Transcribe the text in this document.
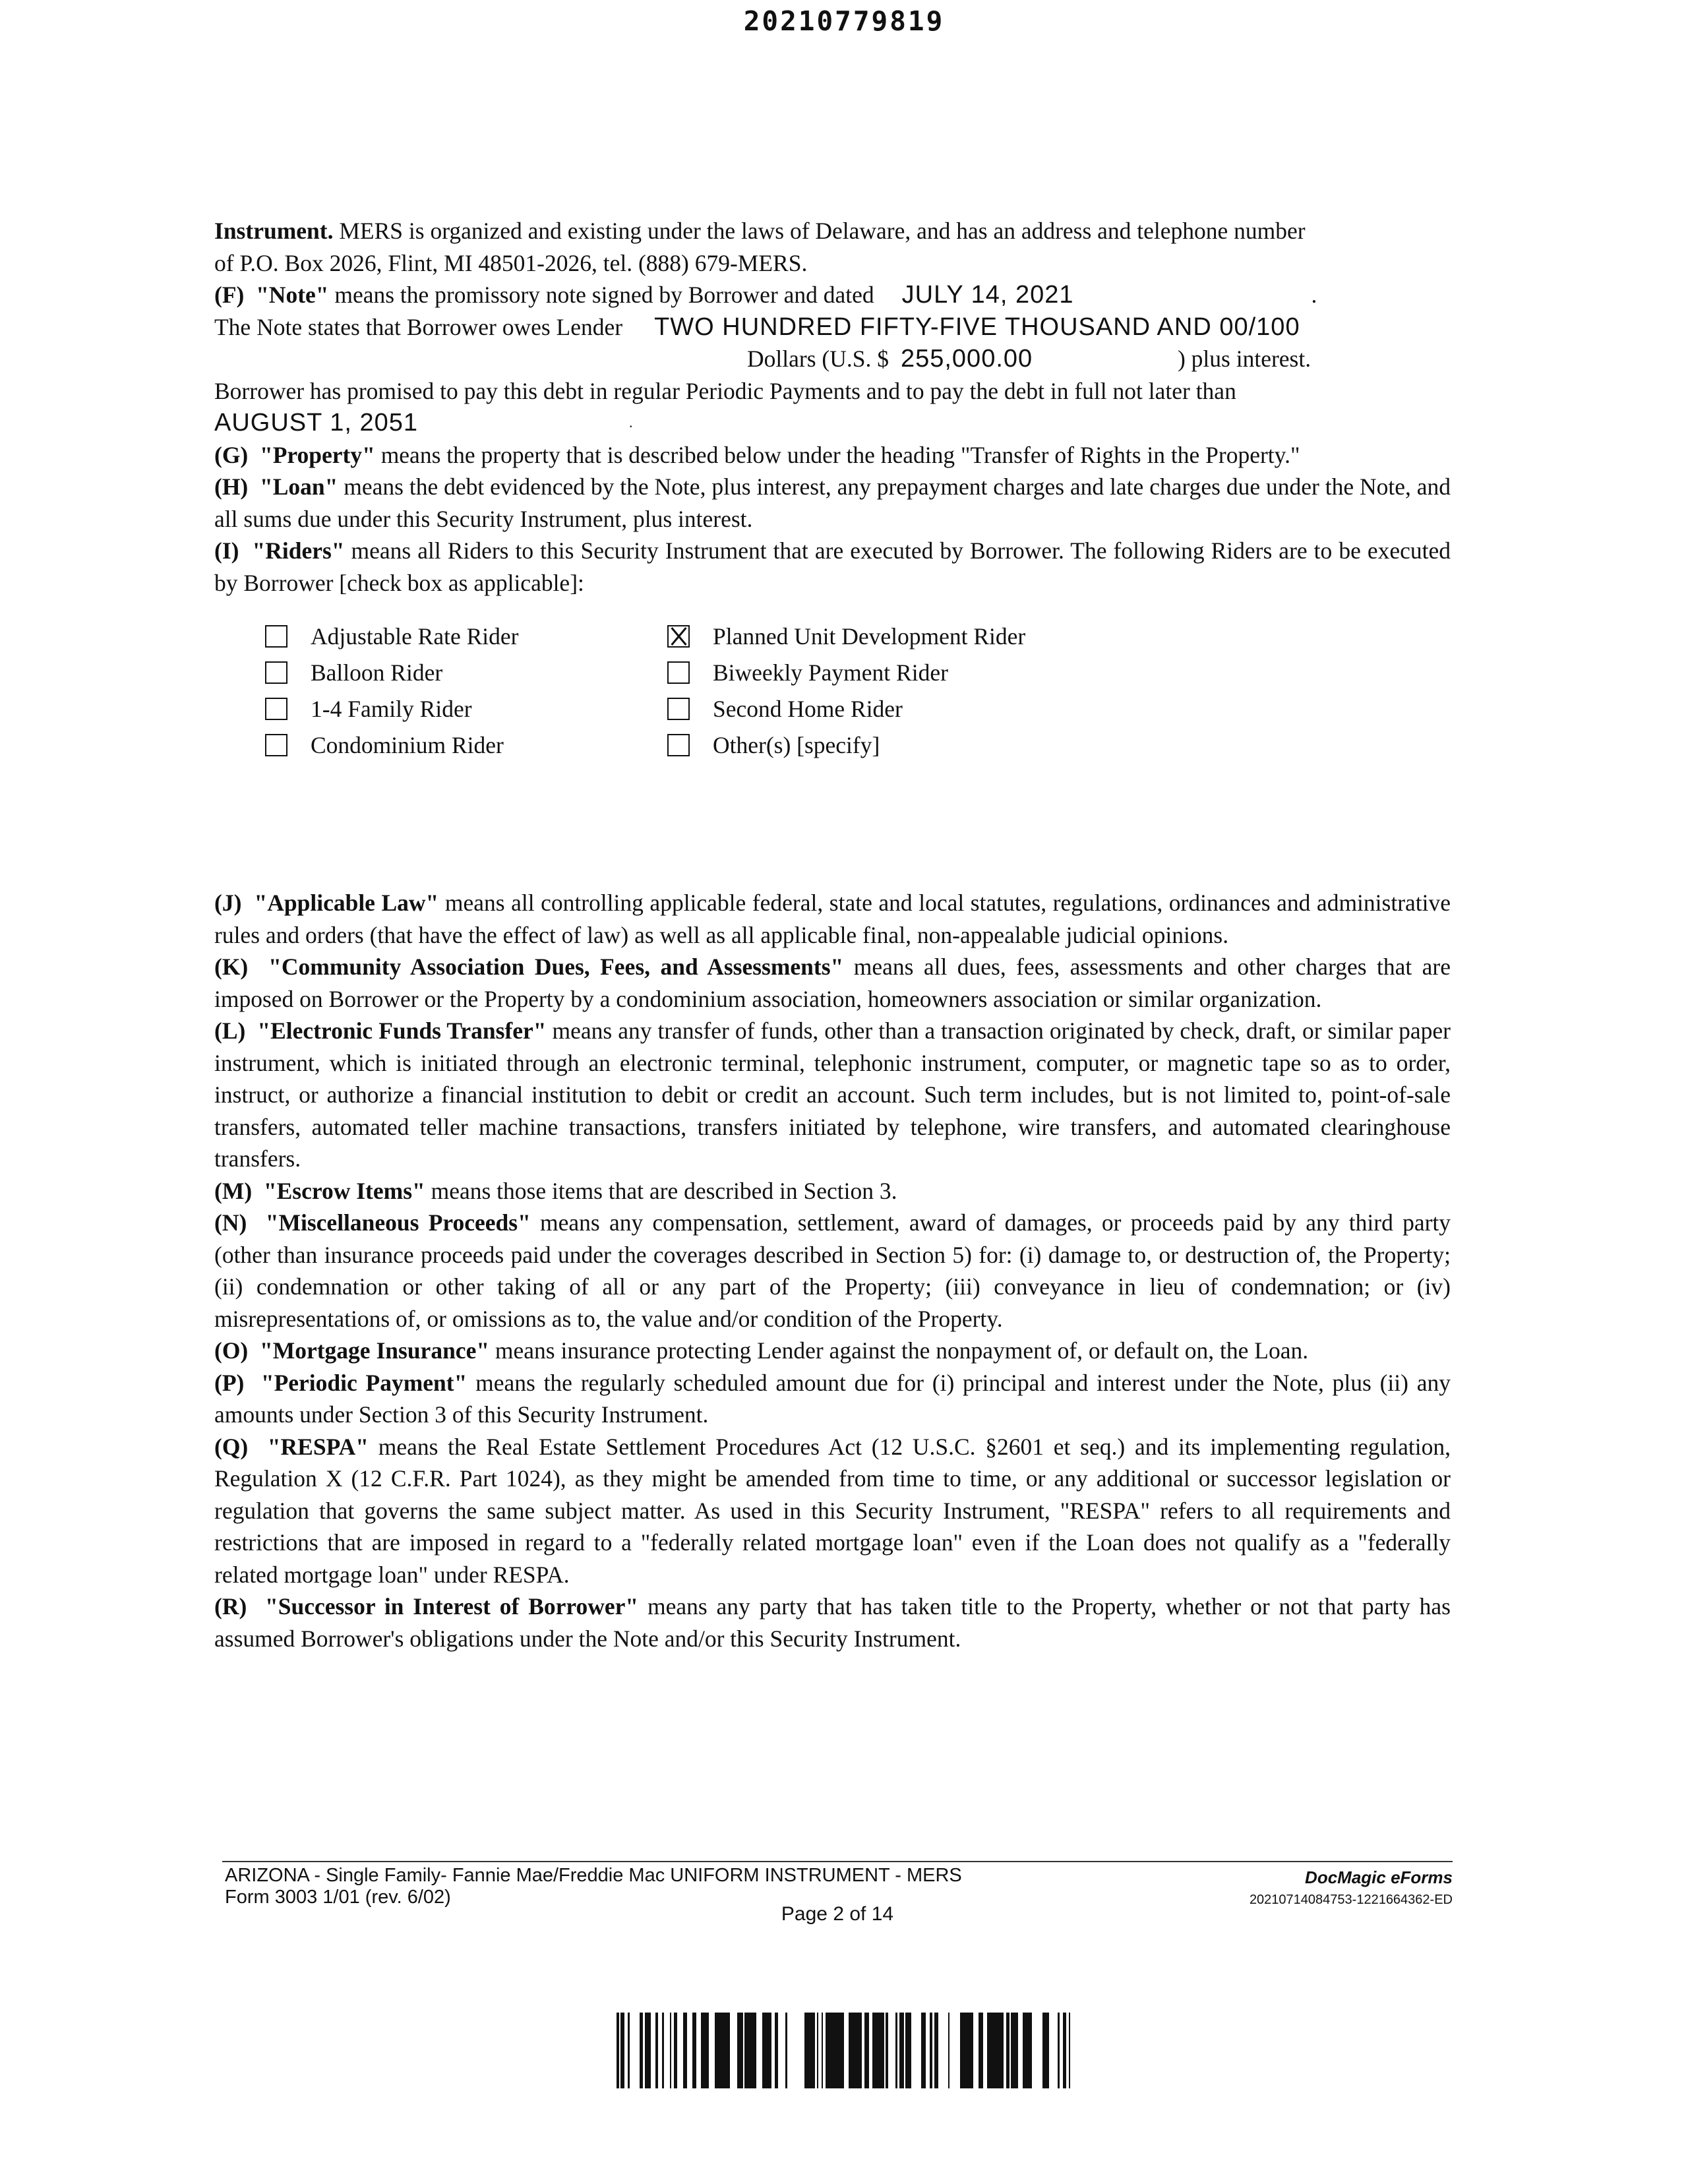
20210779819

Instrument. MERS is organized and existing under the laws of Delaware, and has an address and telephone number

of P.O. Box 2026, Flint, MI 48501-2026, tel. (888) 679-MERS.

(F) "Note" means the promissory note signed by Borrower and dated JULY 14, 2021	.

The Note states that Borrower owes Lender TWO HUNDRED FIFTY-FIVE THOUSAND AND 00/100

Dollars (U.S. $ 255,000.00	) plus interest.

Borrower has promised to pay this debt in regular Periodic Payments and to pay the debt in full not later than

AUGUST 1, 2051	.

(G) "Property" means the property that is described below under the heading "Transfer of Rights in the Property."

(H) "Loan" means the debt evidenced by the Note, plus interest, any prepayment charges and late charges due under the Note, and all sums due under this Security Instrument, plus interest.

(I) "Riders" means all Riders to this Security Instrument that are executed by Borrower. The following Riders are to be executed by Borrower [check box as applicable]:

Adjustable Rate Rider	Planned Unit Development Rider
Balloon Rider	Biweekly Payment Rider
1-4 Family Rider	Second Home Rider
Condominium Rider	Other(s) [specify]

(J) "Applicable Law" means all controlling applicable federal, state and local statutes, regulations, ordinances and administrative rules and orders (that have the effect of law) as well as all applicable final, non-appealable judicial opinions.

(K) "Community Association Dues, Fees, and Assessments" means all dues, fees, assessments and other charges that are imposed on Borrower or the Property by a condominium association, homeowners association or similar organization.

(L) "Electronic Funds Transfer" means any transfer of funds, other than a transaction originated by check, draft, or similar paper instrument, which is initiated through an electronic terminal, telephonic instrument, computer, or magnetic tape so as to order, instruct, or authorize a financial institution to debit or credit an account. Such term includes, but is not limited to, point-of-sale transfers, automated teller machine transactions, transfers initiated by telephone, wire transfers, and automated clearinghouse transfers.

(M) "Escrow Items" means those items that are described in Section 3.

(N) "Miscellaneous Proceeds" means any compensation, settlement, award of damages, or proceeds paid by any third party (other than insurance proceeds paid under the coverages described in Section 5) for: (i) damage to, or destruction of, the Property; (ii) condemnation or other taking of all or any part of the Property; (iii) conveyance in lieu of condemnation; or (iv) misrepresentations of, or omissions as to, the value and/or condition of the Property.

(O) "Mortgage Insurance" means insurance protecting Lender against the nonpayment of, or default on, the Loan.

(P) "Periodic Payment" means the regularly scheduled amount due for (i) principal and interest under the Note, plus (ii) any amounts under Section 3 of this Security Instrument.

(Q) "RESPA" means the Real Estate Settlement Procedures Act (12 U.S.C. §2601 et seq.) and its implementing regulation, Regulation X (12 C.F.R. Part 1024), as they might be amended from time to time, or any additional or successor legislation or regulation that governs the same subject matter. As used in this Security Instrument, "RESPA" refers to all requirements and restrictions that are imposed in regard to a "federally related mortgage loan" even if the Loan does not qualify as a "federally related mortgage loan" under RESPA.

(R) "Successor in Interest of Borrower" means any party that has taken title to the Property, whether or not that party has assumed Borrower's obligations under the Note and/or this Security Instrument.

ARIZONA - Single Family- Fannie Mae/Freddie Mac UNIFORM INSTRUMENT - MERS
Form 3003 1/01 (rev. 6/02)
DocMagic eForms
20210714084753-1221664362-ED
Page 2 of 14
